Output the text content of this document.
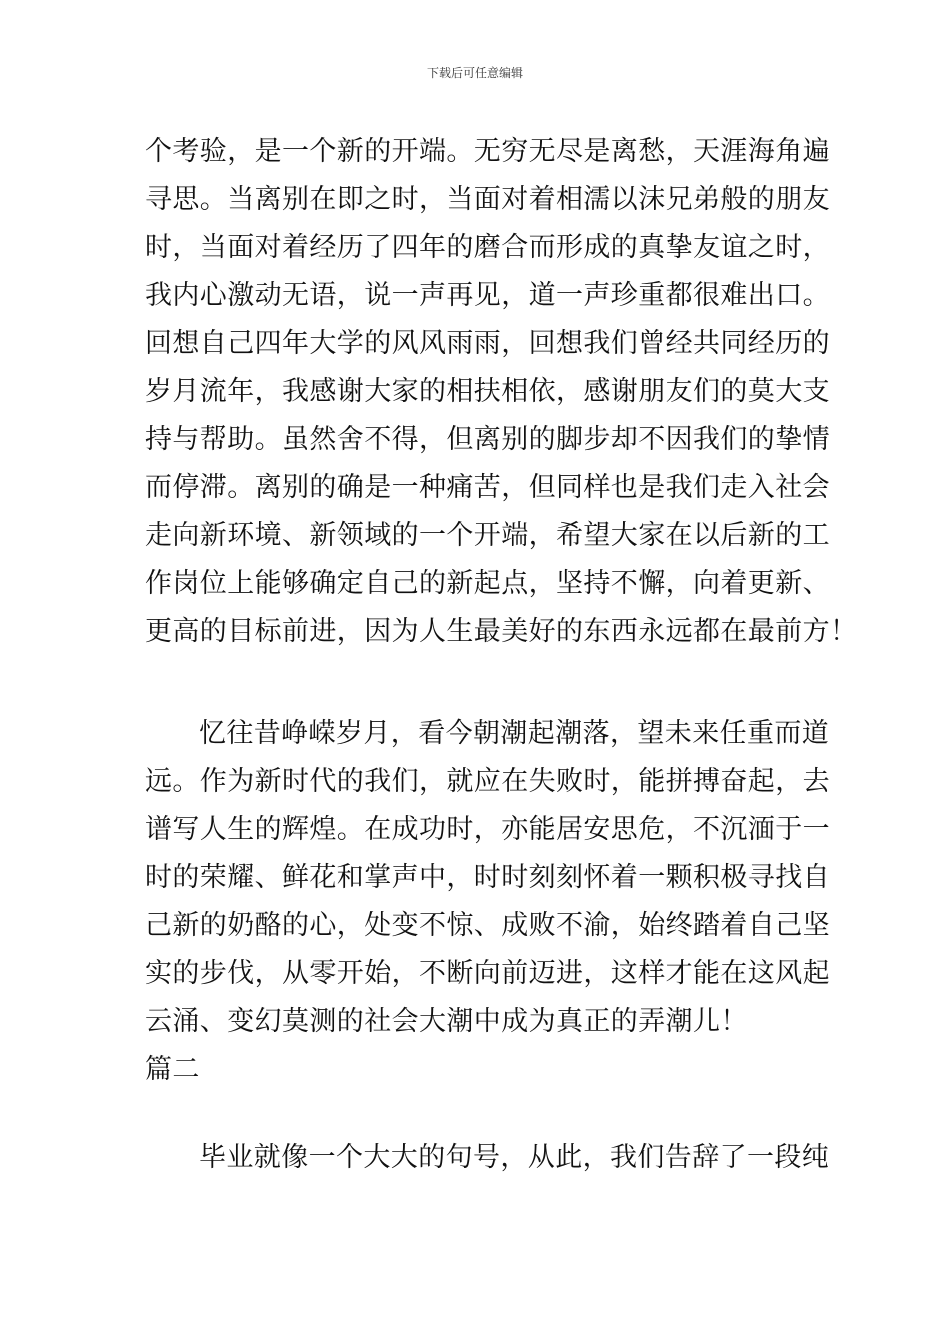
下载后可任意编辑
个考验，是一个新的开端。无穷无尽是离愁，天涯海角遍
寻思。当离别在即之时，当面对着相濡以沫兄弟般的朋友
时，当面对着经历了四年的磨合而形成的真挚友谊之时，
我内心激动无语，说一声再见，道一声珍重都很难出口。
回想自己四年大学的风风雨雨，回想我们曾经共同经历的
岁月流年，我感谢大家的相扶相依，感谢朋友们的莫大支
持与帮助。虽然舍不得，但离别的脚步却不因我们的挚情
而停滞。离别的确是一种痛苦，但同样也是我们走入社会
走向新环境、新领域的一个开端，希望大家在以后新的工
作岗位上能够确定自己的新起点，坚持不懈，向着更新、
更高的目标前进，因为人生最美好的东西永远都在最前方！
忆往昔峥嵘岁月，看今朝潮起潮落，望未来任重而道
远。作为新时代的我们，就应在失败时，能拼搏奋起，去
谱写人生的辉煌。在成功时，亦能居安思危，不沉湎于一
时的荣耀、鲜花和掌声中，时时刻刻怀着一颗积极寻找自
己新的奶酪的心，处变不惊、成败不渝，始终踏着自己坚
实的步伐，从零开始，不断向前迈进，这样才能在这风起
云涌、变幻莫测的社会大潮中成为真正的弄潮儿！
篇二
毕业就像一个大大的句号，从此，我们告辞了一段纯
